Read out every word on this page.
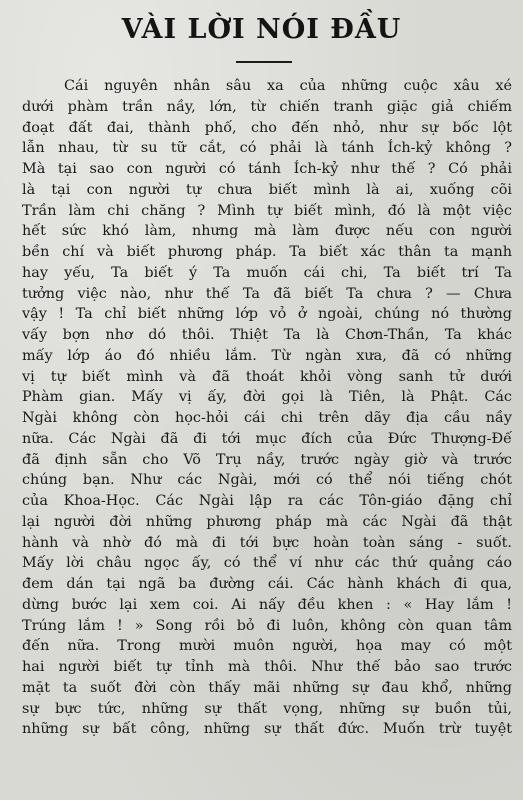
VÀI LỜI NÓI ĐẦU
Cái nguyên nhân sâu xa của những cuộc xâu xé
dưới phàm trần nầy, lớn, từ chiến tranh giặc giả chiếm
đoạt đất đai, thành phố, cho đến nhỏ, như sự bốc lột
lẫn nhau, từ su tữ cắt, có phải là tánh Ích-kỷ không ?
Mà tại sao con người có tánh Ích-kỷ như thế ? Có phải
là tại con người tự chưa biết mình là ai, xuống cõi
Trần làm chi chăng ? Mình tự biết mình, đó là một việc
hết sức khó làm, nhưng mà làm được nếu con người
bền chí và biết phương pháp. Ta biết xác thân ta mạnh
hay yếu, Ta biết ý Ta muốn cái chi, Ta biết trí Ta
tưởng việc nào, như thế Ta đã biết Ta chưa ? — Chưa
vậy ! Ta chỉ biết những lớp vỏ ở ngoài, chúng nó thường
vấy bợn nhơ dó thôi. Thiệt Ta là Chơn-Thần, Ta khác
mấy lớp áo đó nhiều lắm. Từ ngàn xưa, đã có những
vị tự biết mình và đã thoát khỏi vòng sanh tử dưới
Phàm gian. Mấy vị ấy, đời gọi là Tiên, là Phật. Các
Ngài không còn học-hỏi cái chi trên dãy địa cầu nầy
nữa. Các Ngài đã đi tới mục đích của Đức Thượng-Đế
đã định sẵn cho Võ Trụ nầy, trước ngày giờ và trước
chúng bạn. Như các Ngài, mới có thể nói tiếng chót
của Khoa-Học. Các Ngài lập ra các Tôn-giáo đặng chỉ
lại người đời những phương pháp mà các Ngài đã thật
hành và nhờ đó mà đi tới bực hoàn toàn sáng - suốt.
Mấy lời châu ngọc ấy, có thể ví như các thứ quảng cáo
đem dán tại ngã ba đường cái. Các hành khách đi qua,
dừng bước lại xem coi. Ai nấy đều khen : « Hay lắm !
Trúng lắm ! » Song rồi bỏ đi luôn, không còn quan tâm
đến nữa. Trong mười muôn người, họa may có một
hai người biết tự tỉnh mà thôi. Như thế bảo sao trước
mặt ta suốt đời còn thấy mãi những sự đau khổ, những
sự bực tức, những sự thất vọng, những sự buồn tủi,
những sự bất công, những sự thất đức. Muốn trừ tuyệt
